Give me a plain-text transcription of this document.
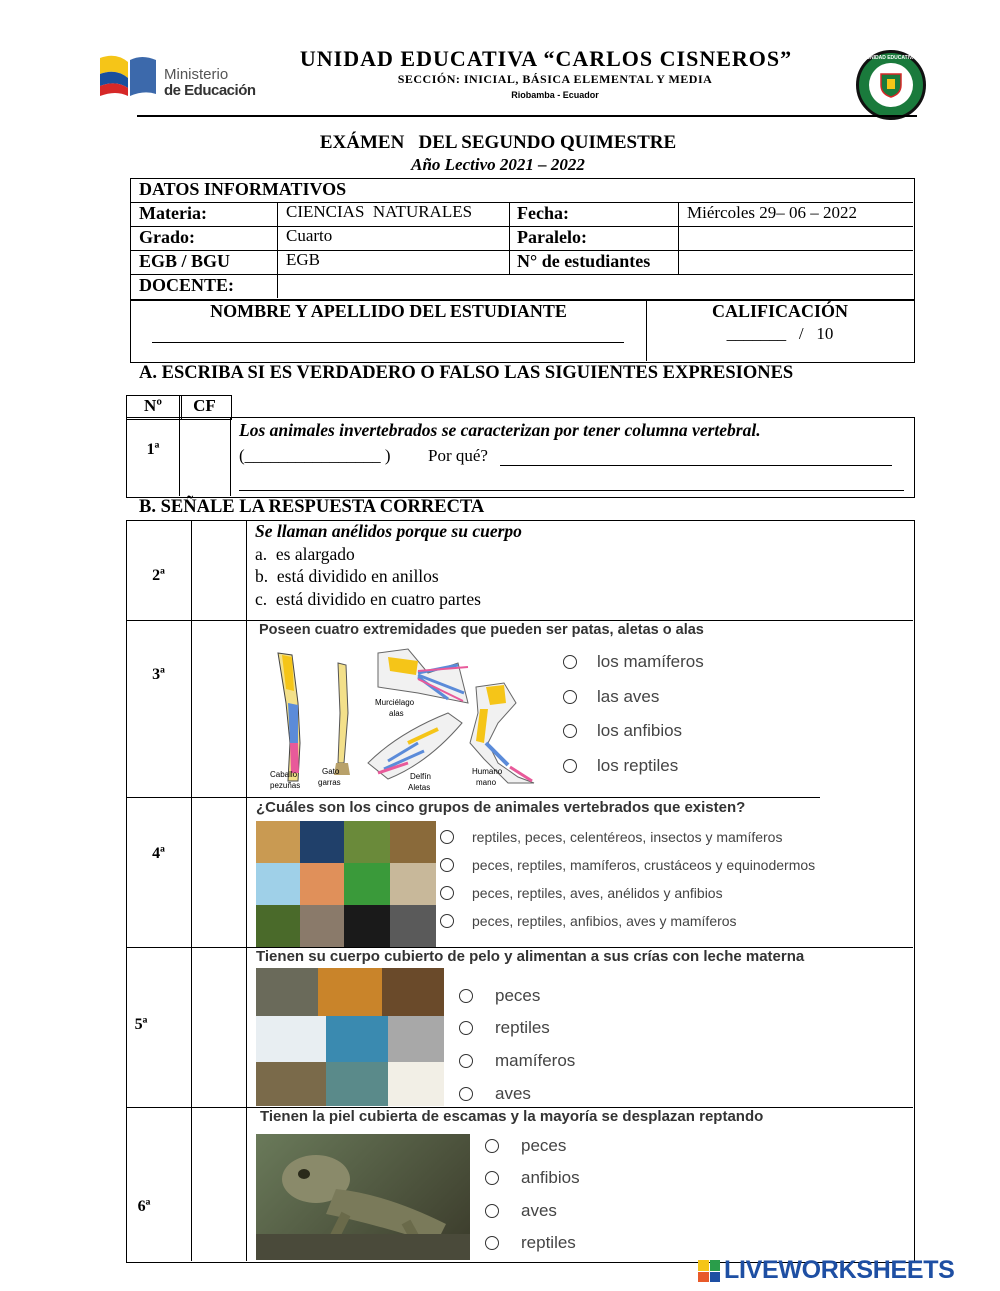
Ministerio
de Educación
UNIDAD EDUCATIVA “CARLOS CISNEROS”
SECCIÓN: INICIAL, BÁSICA ELEMENTAL Y MEDIA
Riobamba - Ecuador
UNIDAD EDUCATIVA
EXÁMEN   DEL SEGUNDO QUIMESTRE
Año Lectivo 2021 – 2022
DATOS INFORMATIVOS
Materia:	CIENCIAS  NATURALES Fecha:	Miércoles 29– 06 – 2022
Grado:	Cuarto	Paralelo:
EGB / BGU	EGB	N° de estudiantes
DOCENTE:
NOMBRE Y APELLIDO DEL ESTUDIANTE	CALIFICACIÓN
_______   /   10
A. ESCRIBA SI ES VERDADERO O FALSO LAS SIGUIENTES EXPRESIONES
Nº	CF
1ª
Los animales invertebrados se caracterizan por tener columna vertebral.
(________________ ) Por qué?
B. SEÑALE LA RESPUESTA CORRECTA
2ª
Se llaman anélidos porque su cuerpo
a.  es alargado
b.  está dividido en anillos
c.  está dividido en cuatro partes
3ª
Poseen cuatro extremidades que pueden ser patas, aletas o alas
Murciélago
alas
Caballo
pezuñas
Gato
garras
Delfín
Aletas
Humano
mano
los mamíferos
las aves
los anfibios
los reptiles
4ª
¿Cuáles son los cinco grupos de animales vertebrados que existen?
reptiles, peces, celentéreos, insectos y mamíferos
peces, reptiles, mamíferos, crustáceos y equinodermos
peces, reptiles, aves, anélidos y anfibios
peces, reptiles, anfibios, aves y mamíferos
5ª
Tienen su cuerpo cubierto de pelo y alimentan a sus crías con leche materna
peces
reptiles
mamíferos
aves
6ª
Tienen la piel cubierta de escamas y la mayoría se desplazan reptando
peces
anfibios
aves
reptiles
LIVEWORKSHEETS
